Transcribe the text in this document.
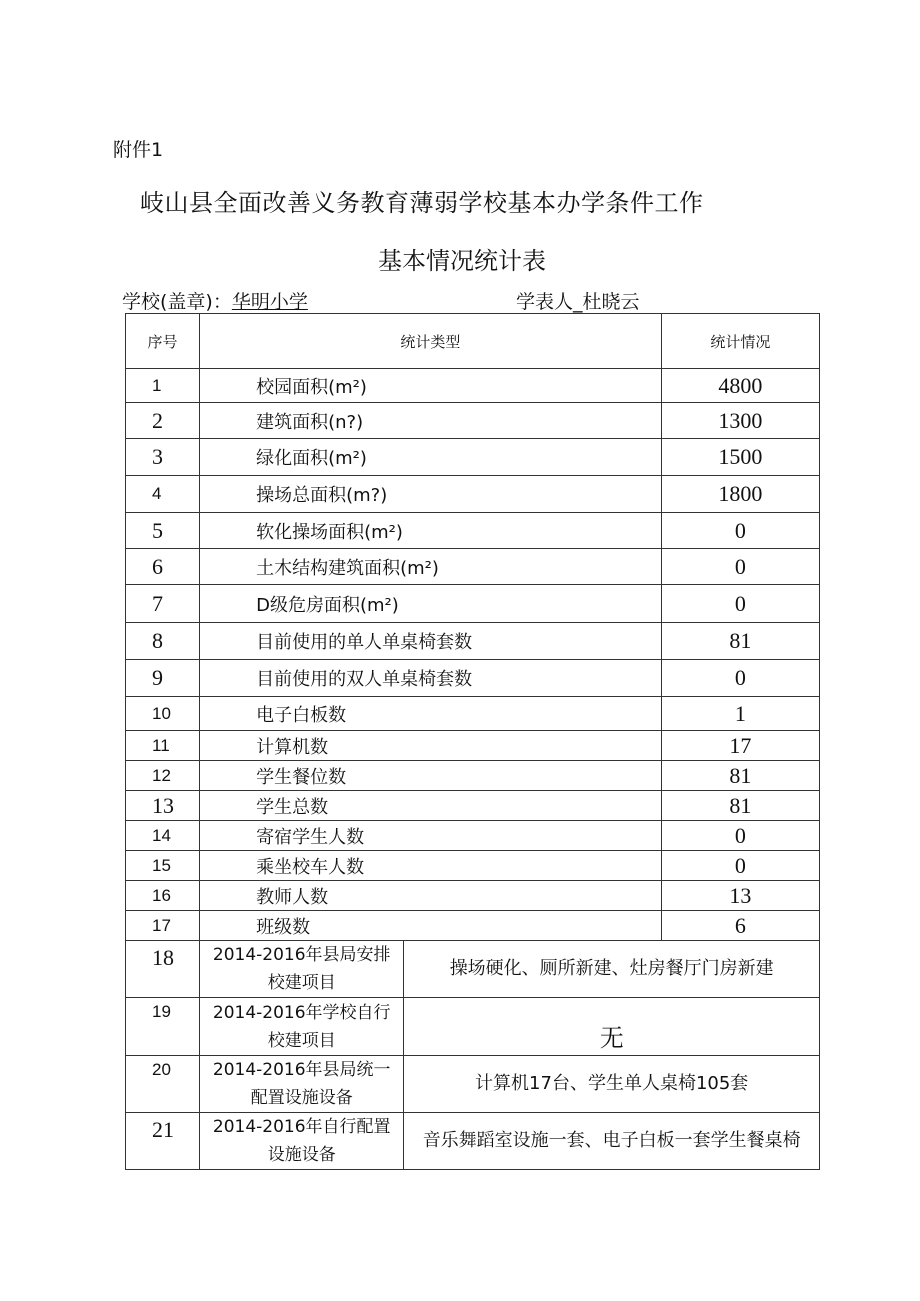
附件1
岐山县全面改善义务教育薄弱学校基本办学条件工作
基本情况统计表
学校(盖章)：华明小学	学表人_杜晓云
序号	统计类型		统计情况
1	校园面积(m²)		4800
2	建筑面积(n?)		1300
3	绿化面积(m²)		1500
4	操场总面积(m?)		1800
5	软化操场面积(m²)		0
6	土木结构建筑面积(m²)		0
7	D级危房面积(m²)		0
8	目前使用的单人单桌椅套数		81
9	目前使用的双人单桌椅套数		0
10	电子白板数		1
11	计算机数		17
12	学生餐位数		81
13	学生总数		81
14	寄宿学生人数		0
15	乘坐校车人数		0
16	教师人数		13
17	班级数		6
18	2014-2016年县局安排校建项目	操场硬化、厕所新建、灶房餐厅门房新建	
19	2014-2016年学校自行校建项目	无	
20	2014-2016年县局统一配置设施设备	计算机17台、学生单人桌椅105套	
21	2014-2016年自行配置设施设备	音乐舞蹈室设施一套、电子白板一套学生餐桌椅	
